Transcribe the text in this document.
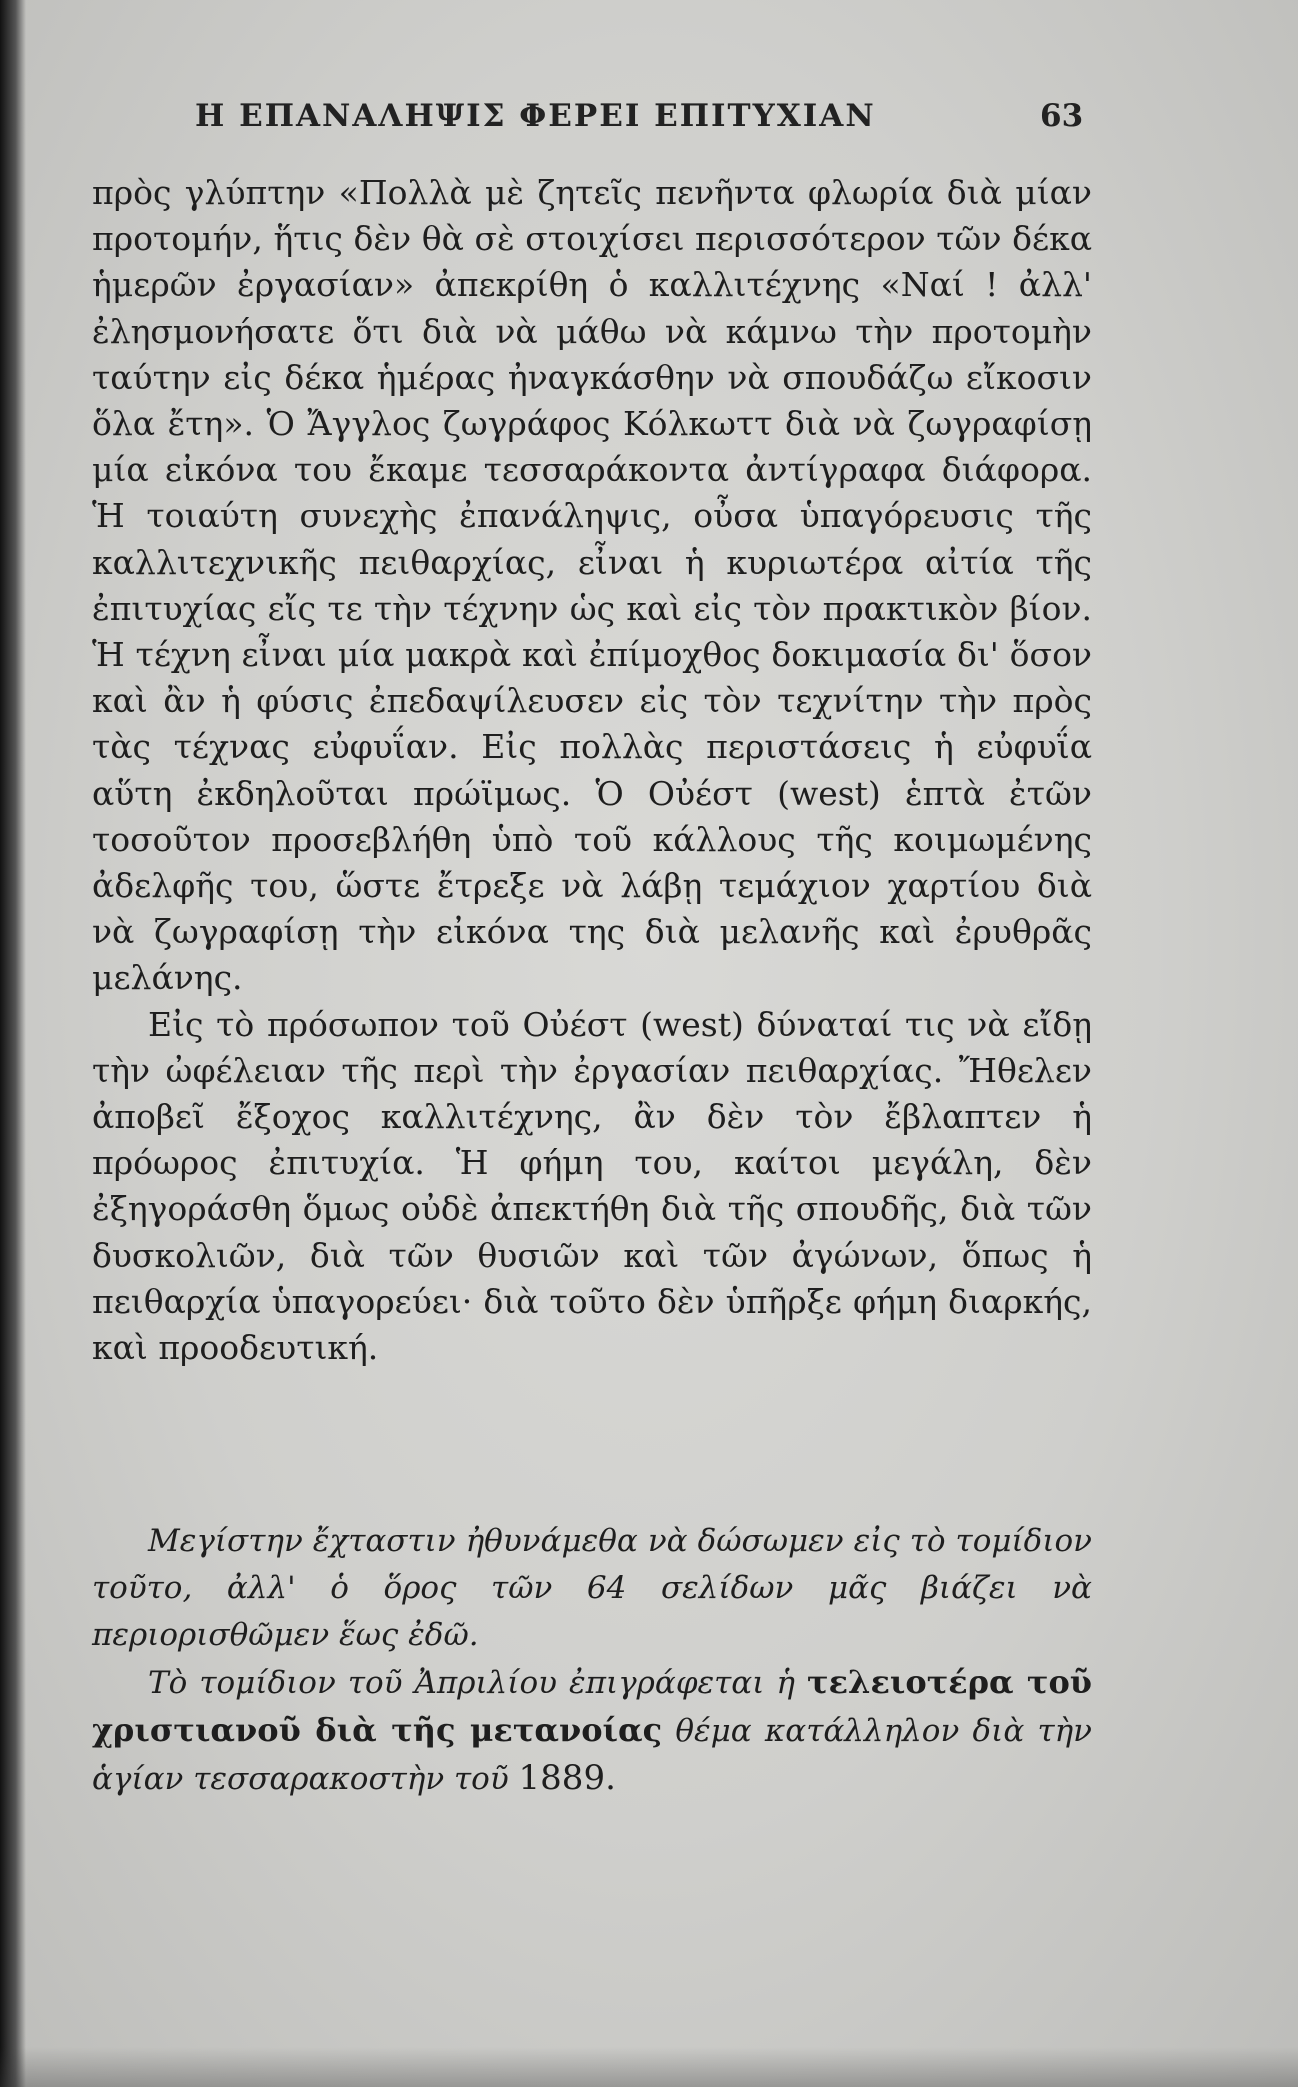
Η ΕΠΑΝΑΛΗΨΙΣ ΦΕΡΕΙ ΕΠΙΤΥΧΙΑΝ	63

πρὸς γλύπτην «Πολλὰ μὲ ζητεῖς πενῆντα φλωρία διὰ μίαν προτομήν, ἥτις δὲν θὰ σὲ στοιχίσει περισσότερον τῶν δέκα ἡμερῶν ἐργασίαν» ἀπεκρίθη ὁ καλλιτέχνης «Ναί ! ἀλλ' ἐλησμονήσατε ὅτι διὰ νὰ μάθω νὰ κάμνω τὴν προτομὴν ταύτην εἰς δέκα ἡμέρας ἠναγκάσθην νὰ σπουδάζω εἴκοσιν ὅλα ἔτη». Ὁ Ἄγγλος ζωγράφος Κόλκωττ διὰ νὰ ζωγραφίσῃ μία εἰκόνα του ἔκαμε τεσσαράκοντα ἀντίγραφα διάφορα. Ἡ τοιαύτη συνεχὴς ἐπανάληψις, οὖσα ὑπαγόρευσις τῆς καλλιτεχνικῆς πειθαρχίας, εἶναι ἡ κυριωτέρα αἰτία τῆς ἐπιτυχίας εἴς τε τὴν τέχνην ὡς καὶ εἰς τὸν πρακτικὸν βίον. Ἡ τέχνη εἶναι μία μακρὰ καὶ ἐπίμοχθος δοκιμασία δι' ὅσον καὶ ἂν ἡ φύσις ἐπεδαψίλευσεν εἰς τὸν τεχνίτην τὴν πρὸς τὰς τέχνας εὐφυΐαν. Εἰς πολλὰς περιστάσεις ἡ εὐφυΐα αὕτη ἐκδηλοῦται πρώϊμως. Ὁ Οὐέστ (west) ἑπτὰ ἐτῶν τοσοῦτον προσεβλήθη ὑπὸ τοῦ κάλλους τῆς κοιμωμένης ἀδελφῆς του, ὥστε ἔτρεξε νὰ λάβῃ τεμάχιον χαρτίου διὰ νὰ ζωγραφίσῃ τὴν εἰκόνα της διὰ μελανῆς καὶ ἐρυθρᾶς μελάνης.

Εἰς τὸ πρόσωπον τοῦ Οὐέστ (west) δύναταί τις νὰ εἴδῃ τὴν ὠφέλειαν τῆς περὶ τὴν ἐργασίαν πειθαρχίας. Ἤθελεν ἀποβεῖ ἔξοχος καλλιτέχνης, ἂν δὲν τὸν ἔβλαπτεν ἡ πρόωρος ἐπιτυχία. Ἡ φήμη του, καίτοι μεγάλη, δὲν ἐξηγοράσθη ὅμως οὐδὲ ἀπεκτήθη διὰ τῆς σπουδῆς, διὰ τῶν δυσκολιῶν, διὰ τῶν θυσιῶν καὶ τῶν ἀγώνων, ὅπως ἡ πειθαρχία ὑπαγορεύει· διὰ τοῦτο δὲν ὑπῆρξε φήμη διαρκής, καὶ προοδευτική.

Μεγίστην ἔχταστιν ἠθυνάμεθα νὰ δώσωμεν εἰς τὸ τομίδιον τοῦτο, ἀλλ' ὁ ὅρος τῶν 64 σελίδων μᾶς βιάζει νὰ περιορισθῶμεν ἕως ἐδῶ.

Τὸ τομίδιον τοῦ Ἀπριλίου ἐπιγράφεται ἡ τελειοτέρα τοῦ χριστιανοῦ διὰ τῆς μετανοίας θέμα κατάλληλον διὰ τὴν ἁγίαν τεσσαρακοστὴν τοῦ 1889.
